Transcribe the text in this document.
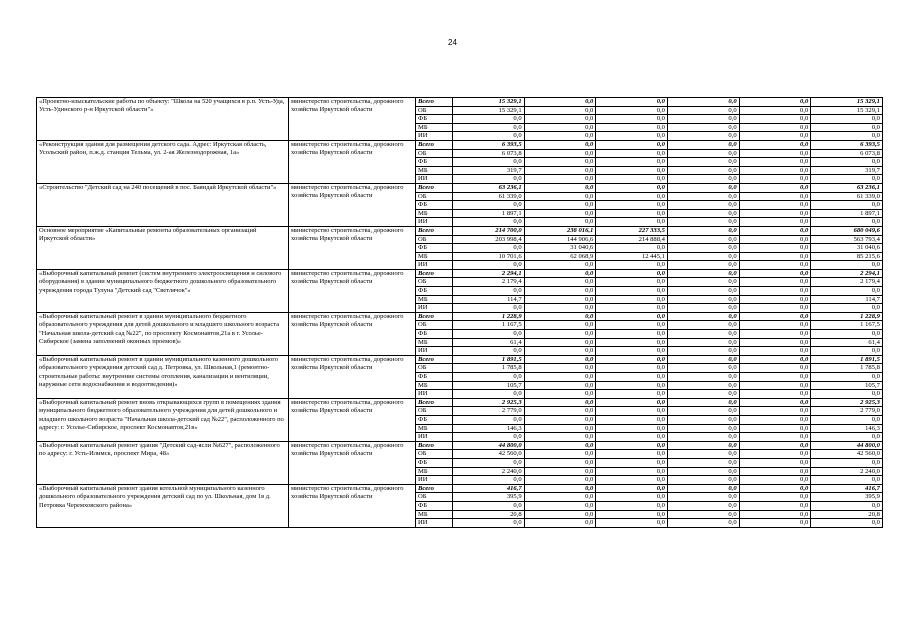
24
«Проектно-изыскательские работы по объекту: "Школа на 520 учащихся в р.п. Усть-Уда, Усть-Удинского р-н Иркутской области"»	министерство строительства, дорожного хозяйства Иркутской области	Всего	15 329,1	0,0	0,0	0,0	0,0	15 329,1
		ОБ	15 329,1	0,0	0,0	0,0	0,0	15 329,1
		ФБ	0,0	0,0	0,0	0,0	0,0	0,0
		МБ	0,0	0,0	0,0	0,0	0,0	0,0
		ИИ	0,0	0,0	0,0	0,0	0,0	0,0
«Реконструкция здания для размещения детского сада. Адрес: Иркутская область, Усольский район, п.ж.д. станция Тельма, ул. 2-ая Железнодорожная, 1а»	министерство строительства, дорожного хозяйства Иркутской области	Всего	6 393,5	0,0	0,0	0,0	0,0	6 393,5
		ОБ	6 073,8	0,0	0,0	0,0	0,0	6 073,8
		ФБ	0,0	0,0	0,0	0,0	0,0	0,0
		МБ	319,7	0,0	0,0	0,0	0,0	319,7
		ИИ	0,0	0,0	0,0	0,0	0,0	0,0
«Строительство "Детский сад на 240 посещений в пос. Баяндай Иркутской области"»	министерство строительства, дорожного хозяйства Иркутской области	Всего	63 236,1	0,0	0,0	0,0	0,0	63 236,1
		ОБ	61 339,0	0,0	0,0	0,0	0,0	61 339,0
		ФБ	0,0	0,0	0,0	0,0	0,0	0,0
		МБ	1 897,1	0,0	0,0	0,0	0,0	1 897,1
		ИИ	0,0	0,0	0,0	0,0	0,0	0,0
Основное мероприятие «Капитальные ремонты образовательных организаций Иркутской области»	министерство строительства, дорожного хозяйства Иркутской области	Всего	214 700,0	238 016,1	227 333,5	0,0	0,0	680 049,6
		ОБ	203 998,4	144 906,6	214 888,4	0,0	0,0	563 793,4
		ФБ	0,0	31 040,6	0,0	0,0	0,0	31 040,6
		МБ	10 701,6	62 068,9	12 445,1	0,0	0,0	85 215,6
		ИИ	0,0	0,0	0,0	0,0	0,0	0,0
«Выборочный капитальный ремонт (систем внутреннего электроосвещения и силового оборудования) в здании муниципального бюджетного дошкольного образовательного учреждения города Тулуна "Детский сад "Светлячок"»	министерство строительства, дорожного хозяйства Иркутской области	Всего	2 294,1	0,0	0,0	0,0	0,0	2 294,1
		ОБ	2 179,4	0,0	0,0	0,0	0,0	2 179,4
		ФБ	0,0	0,0	0,0	0,0	0,0	0,0
		МБ	114,7	0,0	0,0	0,0	0,0	114,7
		ИИ	0,0	0,0	0,0	0,0	0,0	0,0
«Выборочный капитальный ремонт в здании муниципального бюджетного образовательного учреждения для детей дошкольного и младшего школьного возраста "Начальная школа-детский сад №22", по проспекту Космонавтов,21а в г. Усолье-Сибирское (замена заполнений оконных проемов)»	министерство строительства, дорожного хозяйства Иркутской области	Всего	1 228,9	0,0	0,0	0,0	0,0	1 228,9
		ОБ	1 167,5	0,0	0,0	0,0	0,0	1 167,5
		ФБ	0,0	0,0	0,0	0,0	0,0	0,0
		МБ	61,4	0,0	0,0	0,0	0,0	61,4
		ИИ	0,0	0,0	0,0	0,0	0,0	0,0
«Выборочный капитальный ремонт в здании муниципального казенного дошкольного образовательного учреждения детский сад д. Петровка, ул. Школьная,1 (ремонтно-строительные работы: внутренние системы отопления, канализации и вентиляции, наружные сети водоснабжения и водоотведения)»	министерство строительства, дорожного хозяйства Иркутской области	Всего	1 891,5	0,0	0,0	0,0	0,0	1 891,5
		ОБ	1 785,8	0,0	0,0	0,0	0,0	1 785,8
		ФБ	0,0	0,0	0,0	0,0	0,0	0,0
		МБ	105,7	0,0	0,0	0,0	0,0	105,7
		ИИ	0,0	0,0	0,0	0,0	0,0	0,0
«Выборочный капитальный ремонт вновь открывающихся групп в помещениях здания муниципального бюджетного образовательного учреждения для детей дошкольного и младшего школьного возраста "Начальная школа-детский сад №22", расположенного по адресу: г. Усолье-Сибирское, проспект Космонавтов,21в»	министерство строительства, дорожного хозяйства Иркутской области	Всего	2 925,3	0,0	0,0	0,0	0,0	2 925,3
		ОБ	2 779,0	0,0	0,0	0,0	0,0	2 779,0
		ФБ	0,0	0,0	0,0	0,0	0,0	0,0
		МБ	146,3	0,0	0,0	0,0	0,0	146,3
		ИИ	0,0	0,0	0,0	0,0	0,0	0,0
«Выборочный капитальный ремонт здания "Детский сад-ясли №627", расположенного по адресу: г. Усть-Илимск, проспект Мира, 48»	министерство строительства, дорожного хозяйства Иркутской области	Всего	44 800,0	0,0	0,0	0,0	0,0	44 800,0
		ОБ	42 560,0	0,0	0,0	0,0	0,0	42 560,0
		ФБ	0,0	0,0	0,0	0,0	0,0	0,0
		МБ	2 240,0	0,0	0,0	0,0	0,0	2 240,0
		ИИ	0,0	0,0	0,0	0,0	0,0	0,0
«Выборочный капитальный ремонт здания котельной муниципального казенного дошкольного образовательного учреждения детский сад по ул. Школьная, дом 1в д. Петровка Черемховского района»	министерство строительства, дорожного хозяйства Иркутской области	Всего	416,7	0,0	0,0	0,0	0,0	416,7
		ОБ	395,9	0,0	0,0	0,0	0,0	395,9
		ФБ	0,0	0,0	0,0	0,0	0,0	0,0
		МБ	20,8	0,0	0,0	0,0	0,0	20,8
		ИИ	0,0	0,0	0,0	0,0	0,0	0,0
